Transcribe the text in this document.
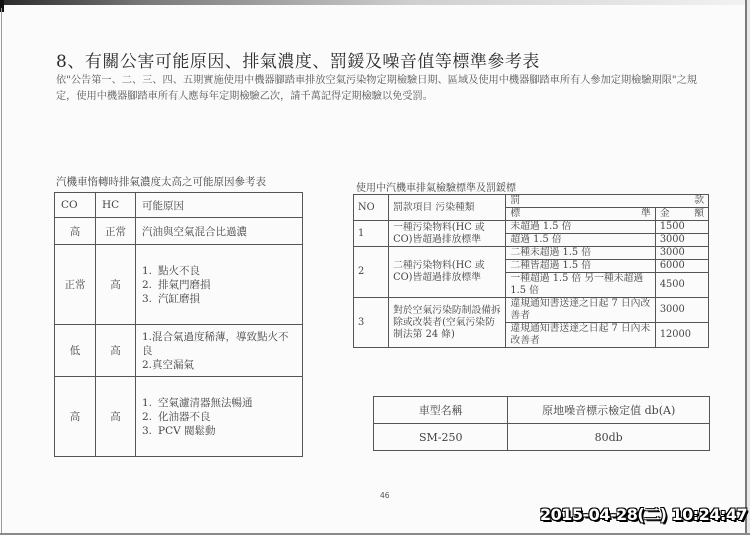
8、有關公害可能原因、排氣濃度、罰鍰及噪音值等標準參考表
依"公告第一、二、三、四、五期實施使用中機器腳踏車排放空氣污染物定期檢驗日期、區域及使用中機器腳踏車所有人參加定期檢驗期限"之規定，使用中機器腳踏車所有人應每年定期檢驗乙次，請千萬記得定期檢驗以免受罰。
汽機車惰轉時排氣濃度太高之可能原因參考表
CO	HC	可能原因
高	正常	汽油與空氣混合比過濃
正常	高	1. 點火不良
2. 排氣門磨損
3. 汽缸磨損

低	高	1.混合氣過度稀薄，導致點火不良
2.真空漏氣

高	高	1. 空氣濾清器無法暢通
2. 化油器不良
3. PCV 閥鬆動
使用中汽機車排氣檢驗標準及罰鍰標
NO	罰款項目 污染種類	罰 款	

		標 準	金 額

1	一種污染物料(HC 或 CO)皆超過排放標準	未超過 1.5 倍	1500
		超過 1.5 倍	3000
2	二種污染物料(HC 或 CO)皆超過排放標準	二種未超過 1.5 倍	3000
		二種皆超過 1.5 倍	6000
		一種超過 1.5 倍 另一種未超過 1.5 倍	4500
3	對於空氣污染防制設備拆除或改裝者(空氣污染防制法第 24 條)	違規通知書送達之日起 7 日內改善者	3000
		違規通知書送達之日起 7 日內未改善者	12000
車型名稱	原地噪音標示檢定值 db(A)
SM-250	80db
46
2015-04-28(二) 10:24:47
